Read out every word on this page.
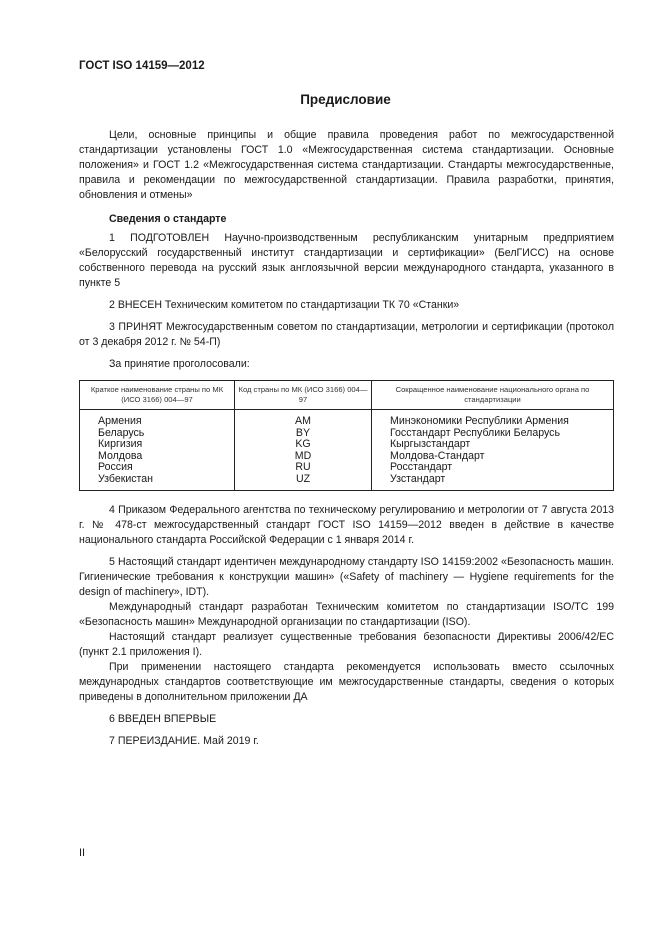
ГОСТ ISO 14159—2012
Предисловие

Цели, основные принципы и общие правила проведения работ по межгосударственной стандартизации установлены ГОСТ 1.0 «Межгосударственная система стандартизации. Основные положения» и ГОСТ 1.2 «Межгосударственная система стандартизации. Стандарты межгосударственные, правила и рекомендации по межгосударственной стандартизации. Правила разработки, принятия, обновления и отмены»

Сведения о стандарте

1 ПОДГОТОВЛЕН Научно-производственным республиканским унитарным предприятием «Белорусский государственный институт стандартизации и сертификации» (БелГИСС) на основе собственного перевода на русский язык англоязычной версии международного стандарта, указанного в пункте 5

2 ВНЕСЕН Техническим комитетом по стандартизации ТК 70 «Станки»

3 ПРИНЯТ Межгосударственным советом по стандартизации, метрологии и сертификации (протокол от 3 декабря 2012 г. № 54-П)

За принятие проголосовали:

Краткое наименование страны по МК (ИСО 3166) 004—97	Код страны по МК (ИСО 3166) 004—97	Сокращенное наименование национального органа по стандартизации
Армения	AM	Минэкономики Республики Армения
Беларусь	BY	Госстандарт Республики Беларусь
Киргизия	KG	Кыргызстандарт
Молдова	MD	Молдова-Стандарт
Россия	RU	Росстандарт
Узбекистан	UZ	Узстандарт

4 Приказом Федерального агентства по техническому регулированию и метрологии от 7 августа 2013 г. № 478-ст межгосударственный стандарт ГОСТ ISO 14159—2012 введен в действие в качестве национального стандарта Российской Федерации с 1 января 2014 г.

5 Настоящий стандарт идентичен международному стандарту ISO 14159:2002 «Безопасность машин. Гигиенические требования к конструкции машин» («Safety of machinery — Hygiene requirements for the design of machinery», IDT).

Международный стандарт разработан Техническим комитетом по стандартизации ISO/TC 199 «Безопасность машин» Международной организации по стандартизации (ISO).

Настоящий стандарт реализует существенные требования безопасности Директивы 2006/42/EC (пункт 2.1 приложения I).

При применении настоящего стандарта рекомендуется использовать вместо ссылочных международных стандартов соответствующие им межгосударственные стандарты, сведения о которых приведены в дополнительном приложении ДА

6 ВВЕДЕН ВПЕРВЫЕ

7 ПЕРЕИЗДАНИЕ. Май 2019 г.

II
